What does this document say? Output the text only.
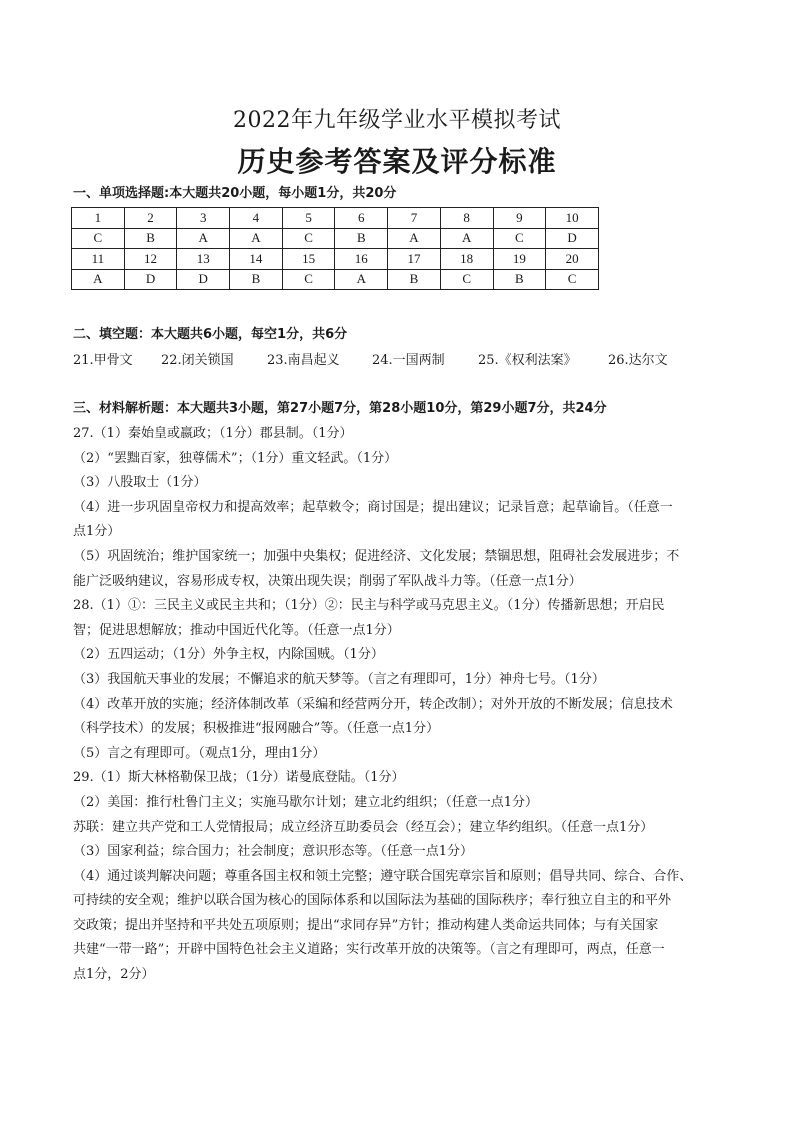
2022年九年级学业水平模拟考试
历史参考答案及评分标准
一、单项选择题:本大题共20小题，每小题1分，共20分
1	2	3	4	5	6	7	8	9	10
C	B	A	A	C	B	A	A	C	D
11	12	13	14	15	16	17	18	19	20
A	D	D	B	C	A	B	C	B	C
二、填空题：本大题共6小题，每空1分，共6分
21.甲骨文 22.闭关锁国	23.南昌起义 24.一国两制	25.《权利法案》 26.达尔文
三、材料解析题：本大题共3小题，第27小题7分，第28小题10分，第29小题7分，共24分
27.（1）秦始皇或嬴政；（1分）郡县制。（1分）
（2）“罢黜百家，独尊儒术”；（1分）重文轻武。（1分）
（3）八股取士（1分）
（4）进一步巩固皇帝权力和提高效率；起草敕令；商讨国是；提出建议；记录旨意；起草谕旨。（任意一
点1分）
（5）巩固统治；维护国家统一；加强中央集权；促进经济、文化发展；禁锢思想，阻碍社会发展进步；不
能广泛吸纳建议，容易形成专权，决策出现失误；削弱了军队战斗力等。（任意一点1分）
28.（1）①：三民主义或民主共和；（1分）②：民主与科学或马克思主义。（1分）传播新思想；开启民
智；促进思想解放；推动中国近代化等。（任意一点1分）
（2）五四运动；（1分）外争主权，内除国贼。（1分）
（3）我国航天事业的发展；不懈追求的航天梦等。（言之有理即可，1分）神舟七号。（1分）
（4）改革开放的实施；经济体制改革（采编和经营两分开，转企改制）；对外开放的不断发展；信息技术
（科学技术）的发展；积极推进“报网融合”等。（任意一点1分）
（5）言之有理即可。（观点1分，理由1分）
29.（1）斯大林格勒保卫战；（1分）诺曼底登陆。（1分）
（2）美国：推行杜鲁门主义；实施马歇尔计划；建立北约组织；（任意一点1分）
苏联：建立共产党和工人党情报局；成立经济互助委员会（经互会）；建立华约组织。（任意一点1分）
（3）国家利益；综合国力；社会制度；意识形态等。（任意一点1分）
（4）通过谈判解决问题；尊重各国主权和领土完整；遵守联合国宪章宗旨和原则；倡导共同、综合、合作、
可持续的安全观；维护以联合国为核心的国际体系和以国际法为基础的国际秩序；奉行独立自主的和平外
交政策；提出并坚持和平共处五项原则；提出“求同存异”方针；推动构建人类命运共同体；与有关国家
共建“一带一路”；开辟中国特色社会主义道路；实行改革开放的决策等。（言之有理即可，两点，任意一
点1分，2分）
